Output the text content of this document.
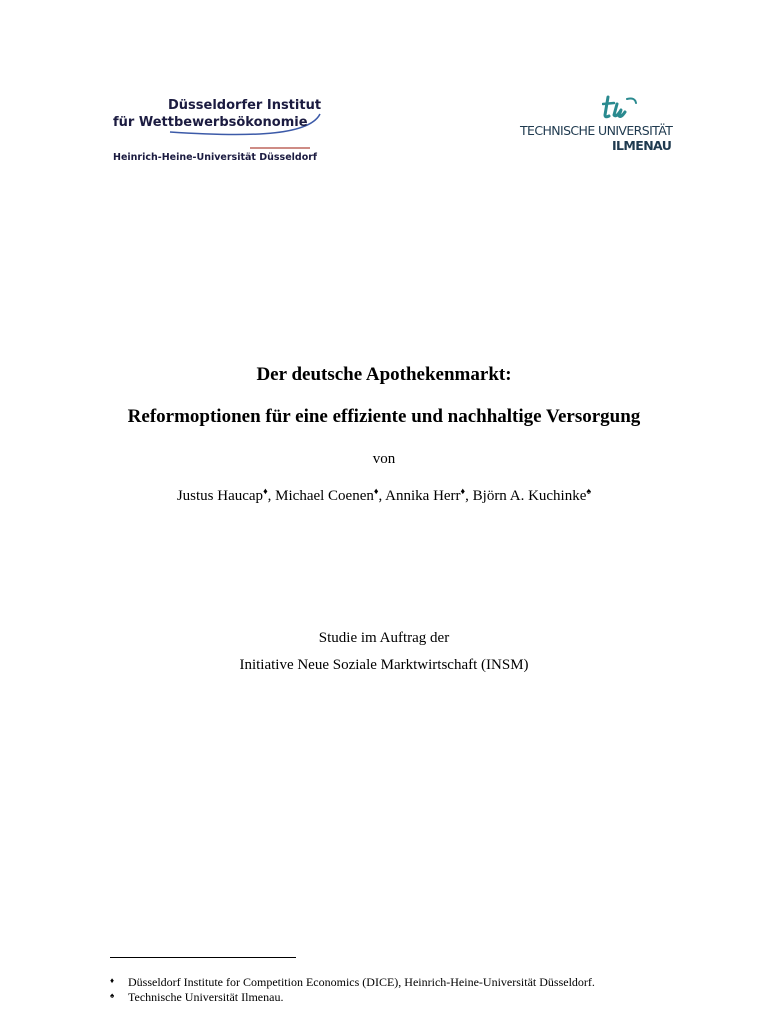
Düsseldorfer Institut
für Wettbewerbsökonomie
Heinrich-Heine-Universität Düsseldorf
TECHNISCHE UNIVERSITÄT
ILMENAU
Der deutsche Apothekenmarkt:
Reformoptionen für eine effiziente und nachhaltige Versorgung
von
Justus Haucap♦, Michael Coenen♦, Annika Herr♦, Björn A. Kuchinke♠
Studie im Auftrag der
Initiative Neue Soziale Marktwirtschaft (INSM)
♦ Düsseldorf Institute for Competition Economics (DICE), Heinrich-Heine-Universität Düsseldorf.
♠ Technische Universität Ilmenau.
